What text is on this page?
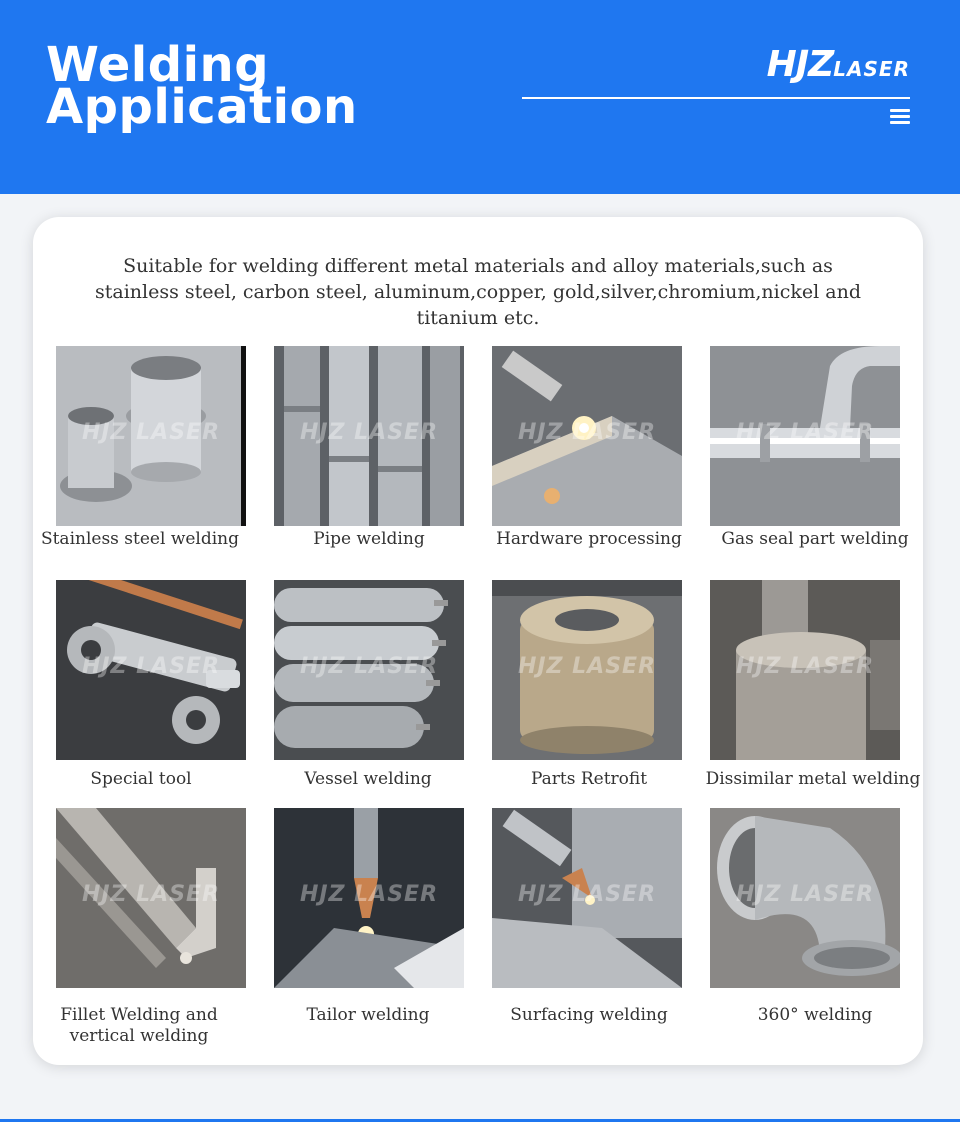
Welding
Application
HJZLASER
Suitable for welding different metal materials and alloy materials,such as stainless steel, carbon steel, aluminum,copper, gold,silver,chromium,nickel and titanium etc.
HJZ LASER
Stainless steel welding
HJZ LASER
Pipe welding
HJZ LASER
Hardware processing
HJZ LASER
Gas seal part welding
HJZ LASER
Special tool
HJZ LASER
Vessel welding
HJZ LASER
Parts Retrofit
HJZ LASER
Dissimilar metal welding
HJZ LASER
Fillet Welding and vertical welding
HJZ LASER
Tailor welding
HJZ LASER
Surfacing welding
HJZ LASER
360° welding
